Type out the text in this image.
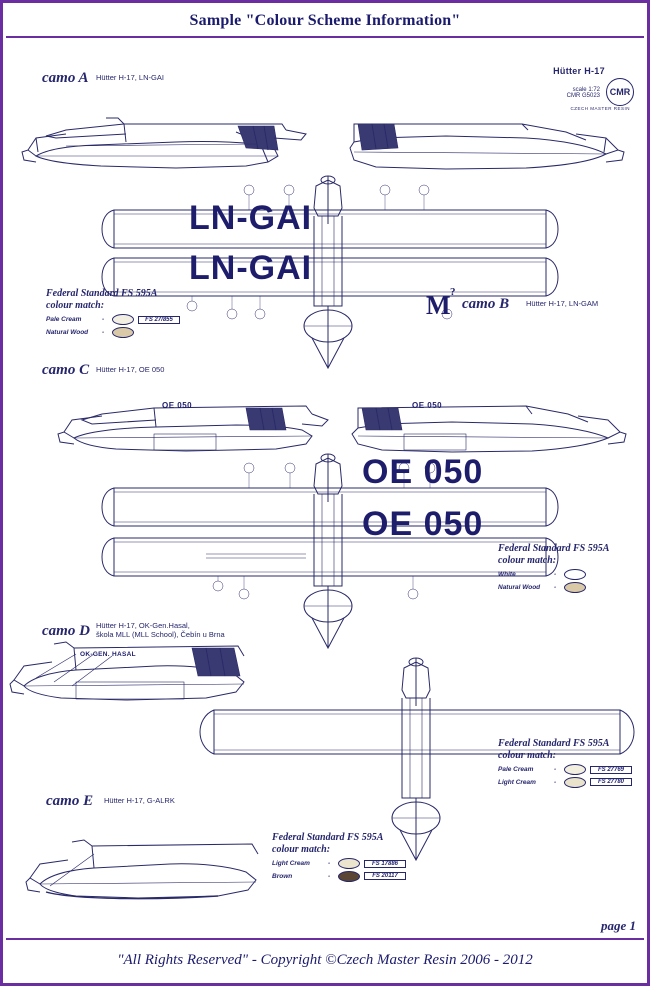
Sample "Colour Scheme Information"
camo A Hütter H-17, LN-GAI
Hütter H-17
scale 1:72
CMR G5023	CMR
CZECH MASTER RESIN
LN-GAI
LN-GAI
Federal Standard FS 595A
colour match:
Pale Cream	-	FS 27/855
Natural Wood	-
M ?
camo B Hütter H-17, LN-GAM
camo C Hütter H-17, OE 050
OE 050	OE 050
OE 050
OE 050
Federal Standard FS 595A
colour match:
White	-
Natural Wood	-
camo D Hütter H-17, OK-Gen.Hasal,
škola MLL (MLL School), Čebín u Brna
OK-GEN. HASAL
Federal Standard FS 595A
colour match:
Pale Cream	-	FS 27769
Light Cream	-	FS 27780
camo E Hütter H-17, G-ALRK
Federal Standard FS 595A
colour match:
Light Cream	-	FS 17886
Brown	-	FS 20117
page 1
"All Rights Reserved" - Copyright ©Czech Master Resin 2006 - 2012
